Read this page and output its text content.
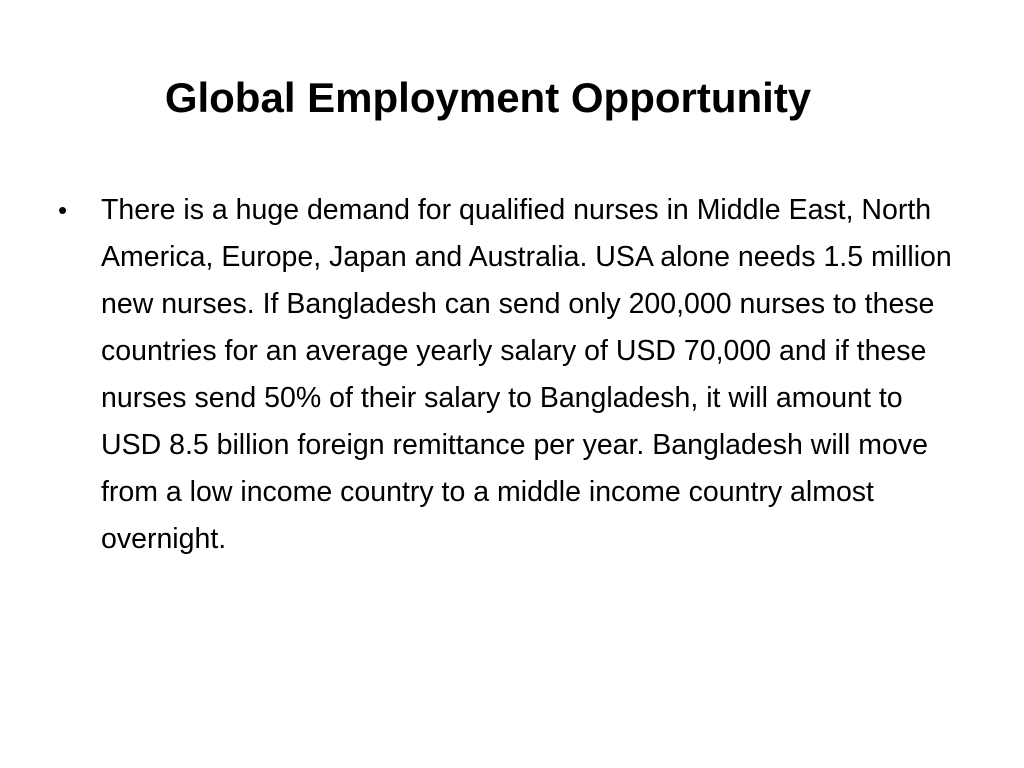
Global Employment Opportunity
• There is a huge demand for qualified nurses in Middle East, North America, Europe, Japan and Australia. USA alone needs 1.5 million new nurses. If Bangladesh can send only 200,000 nurses to these countries for an average yearly salary of USD 70,000 and if these nurses send 50% of their salary to Bangladesh, it will amount to USD 8.5 billion foreign remittance per year. Bangladesh will move from a low income country to a middle income country almost overnight.
